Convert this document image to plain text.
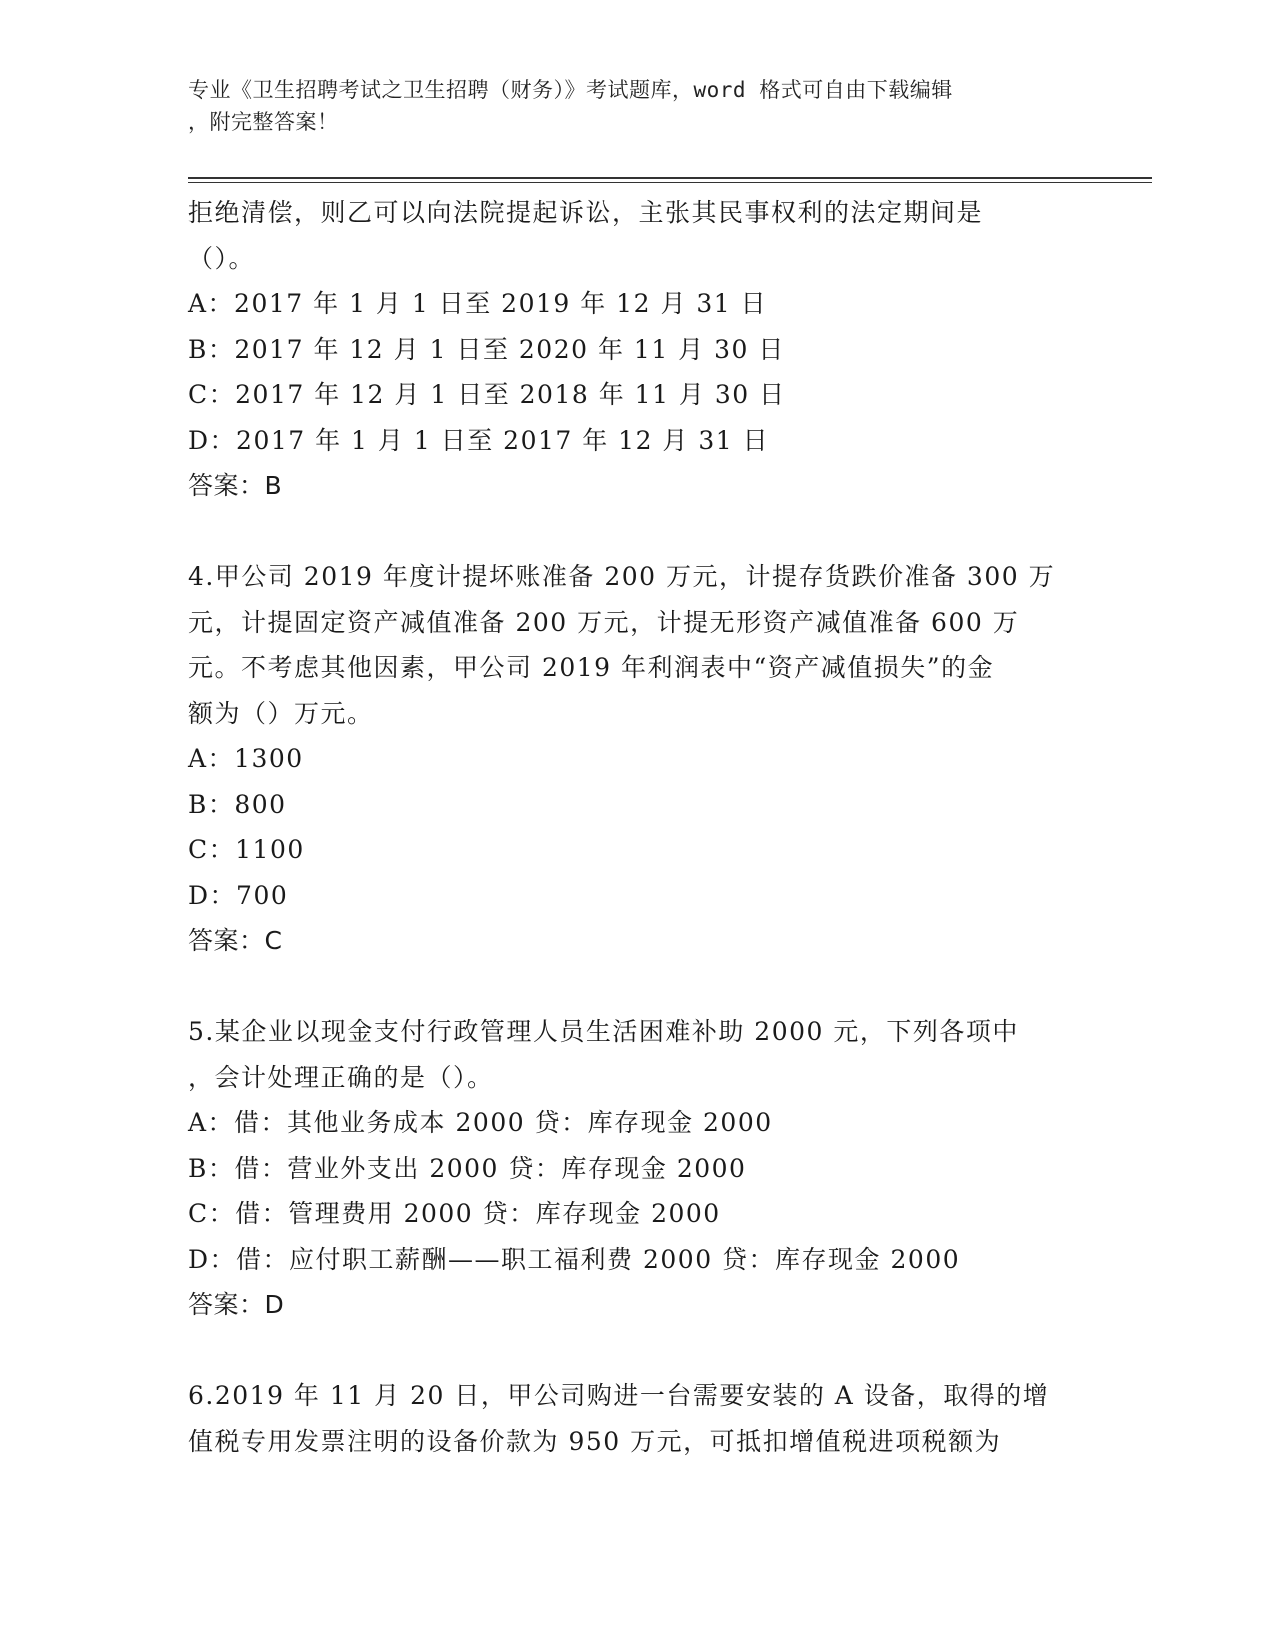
专业《卫生招聘考试之卫生招聘（财务）》考试题库，word 格式可自由下载编辑
，附完整答案！
拒绝清偿，则乙可以向法院提起诉讼，主张其民事权利的法定期间是
（）。
A：2017 年 1 月 1 日至 2019 年 12 月 31 日
B：2017 年 12 月 1 日至 2020 年 11 月 30 日
C：2017 年 12 月 1 日至 2018 年 11 月 30 日
D：2017 年 1 月 1 日至 2017 年 12 月 31 日
答案：B
4.甲公司 2019 年度计提坏账准备 200 万元，计提存货跌价准备 300 万
元，计提固定资产减值准备 200 万元，计提无形资产减值准备 600 万
元。不考虑其他因素，甲公司 2019 年利润表中“资产减值损失”的金
额为（）万元。
A：1300
B：800
C：1100
D：700
答案：C
5.某企业以现金支付行政管理人员生活困难补助 2000 元，下列各项中
，会计处理正确的是（）。
A：借：其他业务成本 2000 贷：库存现金 2000
B：借：营业外支出 2000 贷：库存现金 2000
C：借：管理费用 2000 贷：库存现金 2000
D：借：应付职工薪酬——职工福利费 2000 贷：库存现金 2000
答案：D
6.2019 年 11 月 20 日，甲公司购进一台需要安装的 A 设备，取得的增
值税专用发票注明的设备价款为 950 万元，可抵扣增值税进项税额为
